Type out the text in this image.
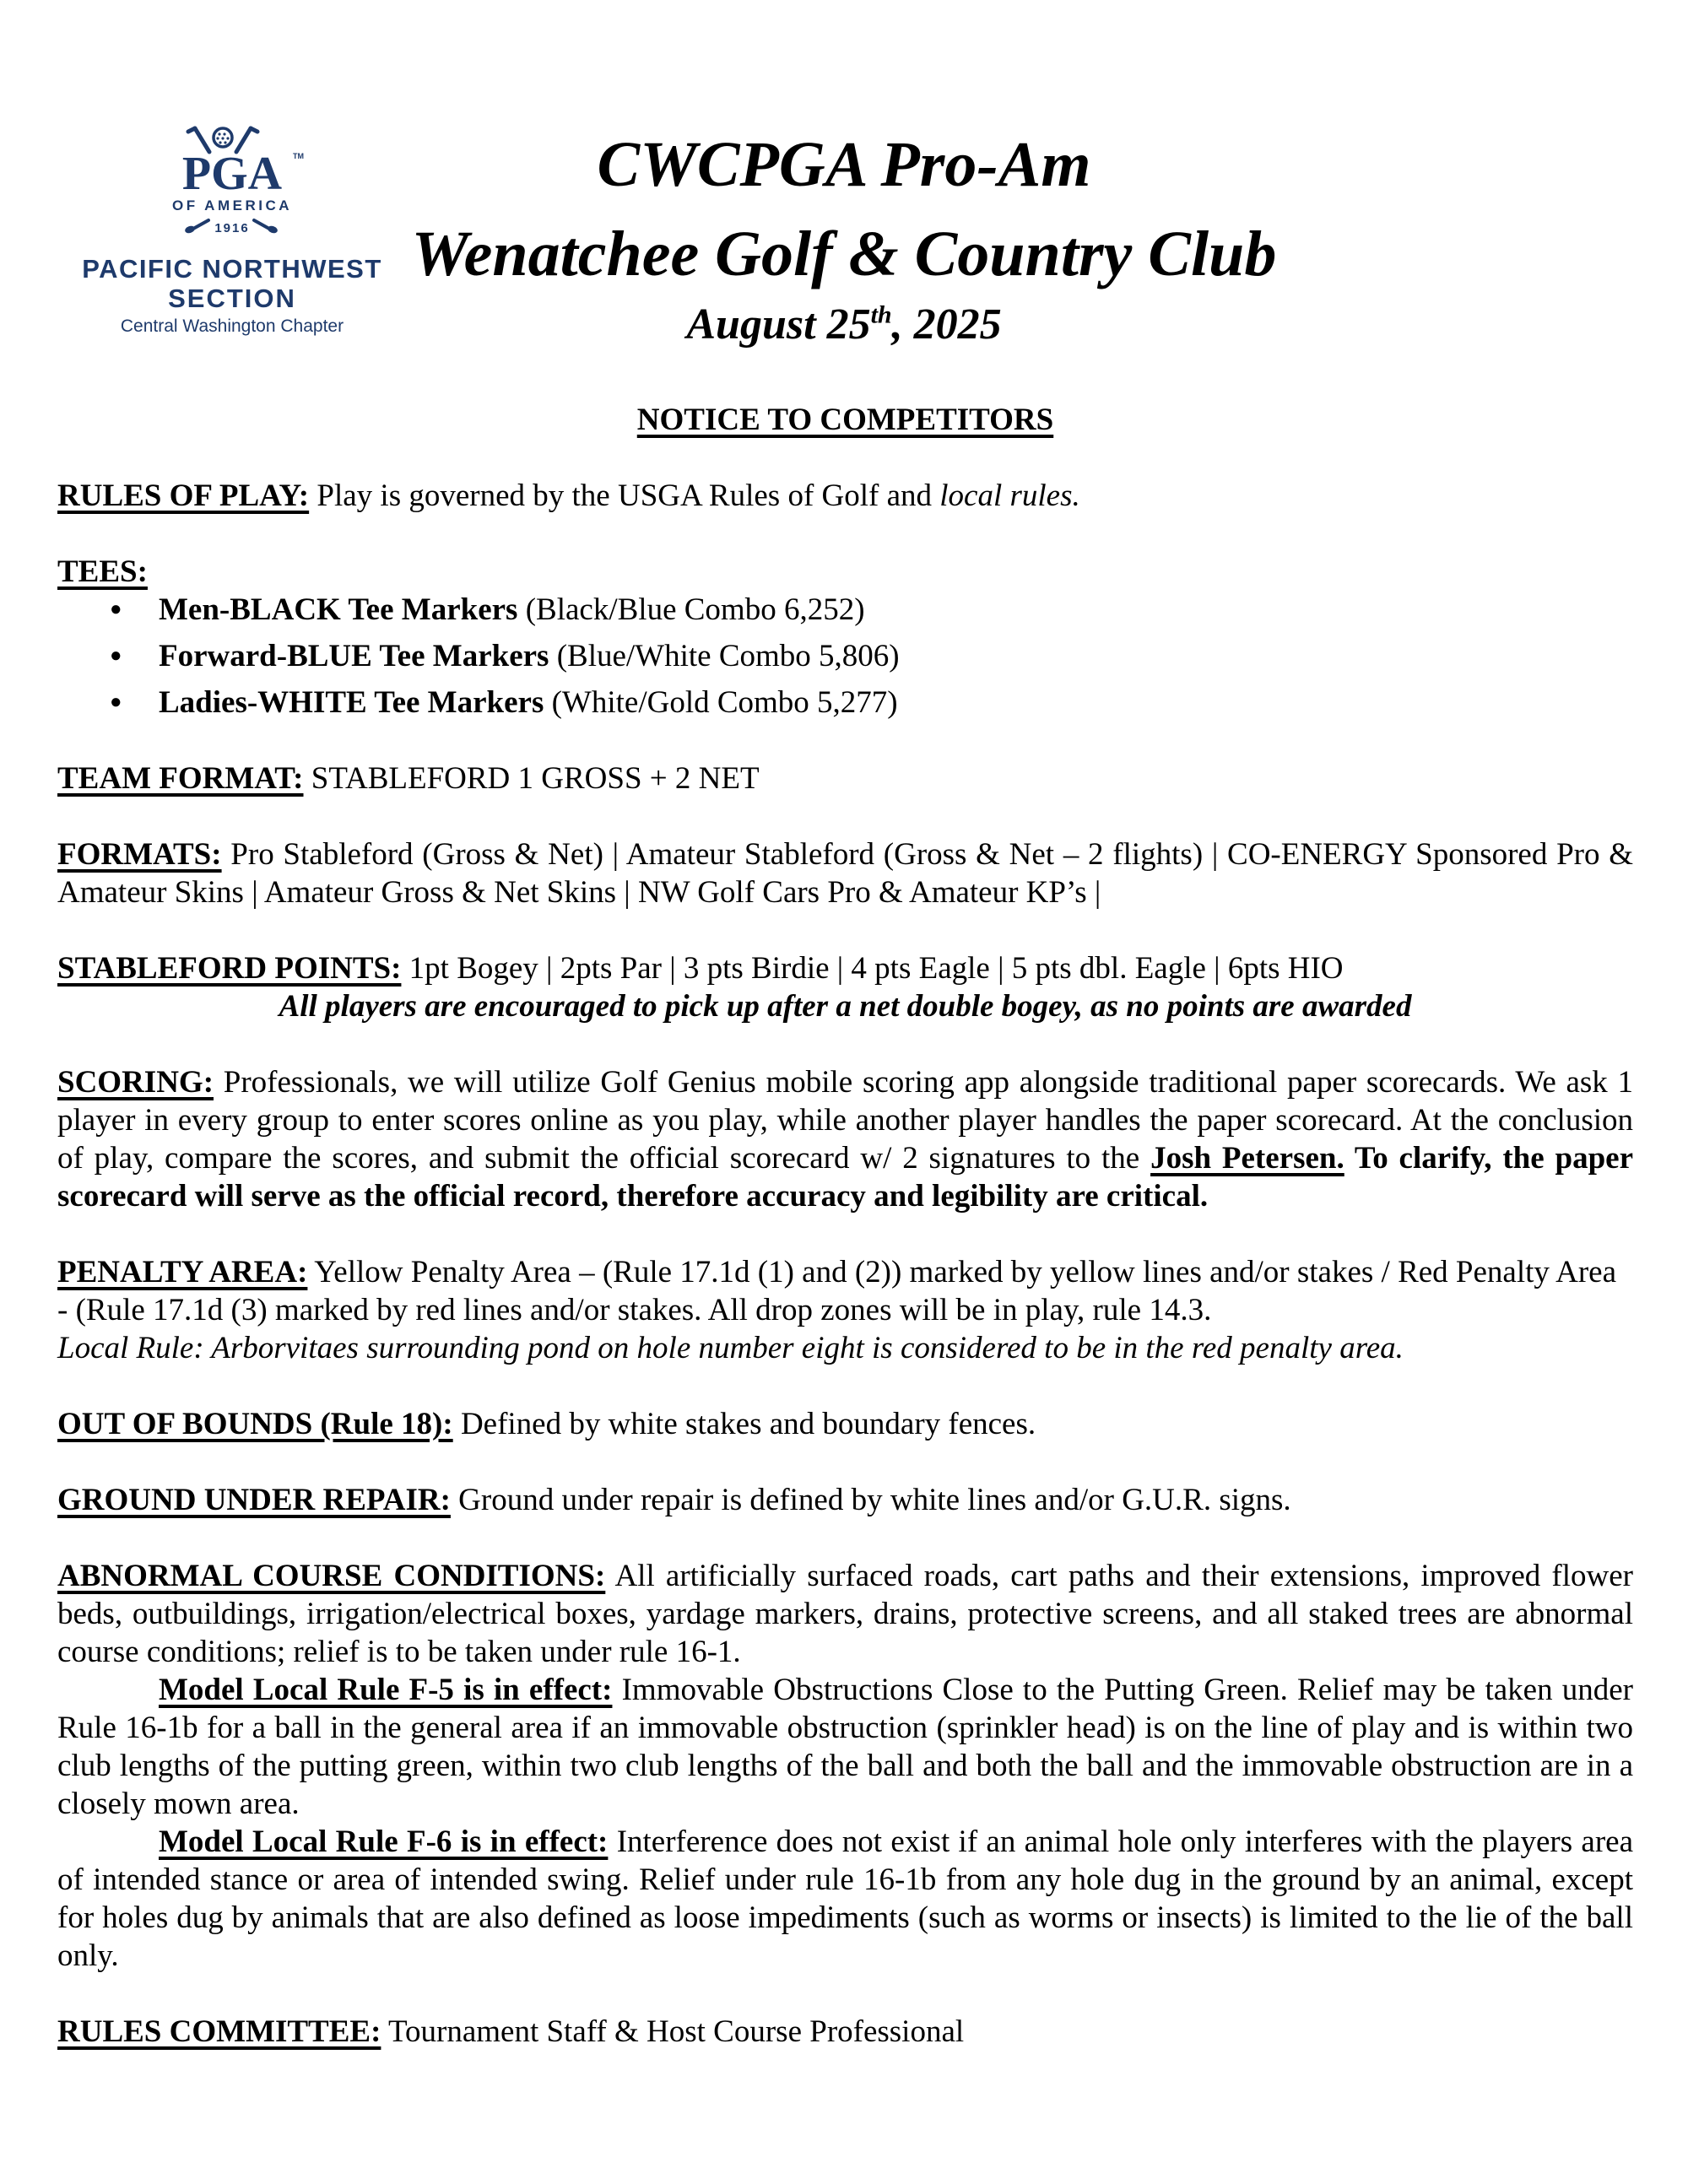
PGA TM
OF AMERICA
1916
PACIFIC NORTHWEST
SECTION
Central Washington Chapter
CWCPGA Pro-Am
Wenatchee Golf & Country Club
August 25th, 2025
NOTICE TO COMPETITORS

RULES OF PLAY: Play is governed by the USGA Rules of Golf and local rules.

TEES:

●	Men-BLACK Tee Markers (Black/Blue Combo 6,252)
●	Forward-BLUE Tee Markers (Blue/White Combo 5,806)
●	Ladies-WHITE Tee Markers (White/Gold Combo 5,277)

TEAM FORMAT: STABLEFORD 1 GROSS + 2 NET

FORMATS: Pro Stableford (Gross & Net) | Amateur Stableford (Gross & Net – 2 flights) | CO-ENERGY Sponsored Pro & Amateur Skins | Amateur Gross & Net Skins | NW Golf Cars Pro & Amateur KP’s |

STABLEFORD POINTS: 1pt Bogey | 2pts Par | 3 pts Birdie | 4 pts Eagle | 5 pts dbl. Eagle | 6pts HIO

All players are encouraged to pick up after a net double bogey, as no points are awarded

SCORING: Professionals, we will utilize Golf Genius mobile scoring app alongside traditional paper scorecards. We ask 1 player in every group to enter scores online as you play, while another player handles the paper scorecard. At the conclusion of play, compare the scores, and submit the official scorecard w/ 2 signatures to the Josh Petersen. To clarify, the paper scorecard will serve as the official record, therefore accuracy and legibility are critical.

PENALTY AREA: Yellow Penalty Area – (Rule 17.1d (1) and (2)) marked by yellow lines and/or stakes / Red Penalty Area - (Rule 17.1d (3) marked by red lines and/or stakes. All drop zones will be in play, rule 14.3.

Local Rule: Arborvitaes surrounding pond on hole number eight is considered to be in the red penalty area.

OUT OF BOUNDS (Rule 18): Defined by white stakes and boundary fences.

GROUND UNDER REPAIR: Ground under repair is defined by white lines and/or G.U.R. signs.

ABNORMAL COURSE CONDITIONS: All artificially surfaced roads, cart paths and their extensions, improved flower beds, outbuildings, irrigation/electrical boxes, yardage markers, drains, protective screens, and all staked trees are abnormal course conditions; relief is to be taken under rule 16-1.

Model Local Rule F-5 is in effect: Immovable Obstructions Close to the Putting Green. Relief may be taken under Rule 16-1b for a ball in the general area if an immovable obstruction (sprinkler head) is on the line of play and is within two club lengths of the putting green, within two club lengths of the ball and both the ball and the immovable obstruction are in a closely mown area.

Model Local Rule F-6 is in effect: Interference does not exist if an animal hole only interferes with the players area of intended stance or area of intended swing. Relief under rule 16-1b from any hole dug in the ground by an animal, except for holes dug by animals that are also defined as loose impediments (such as worms or insects) is limited to the lie of the ball only.

RULES COMMITTEE: Tournament Staff & Host Course Professional
